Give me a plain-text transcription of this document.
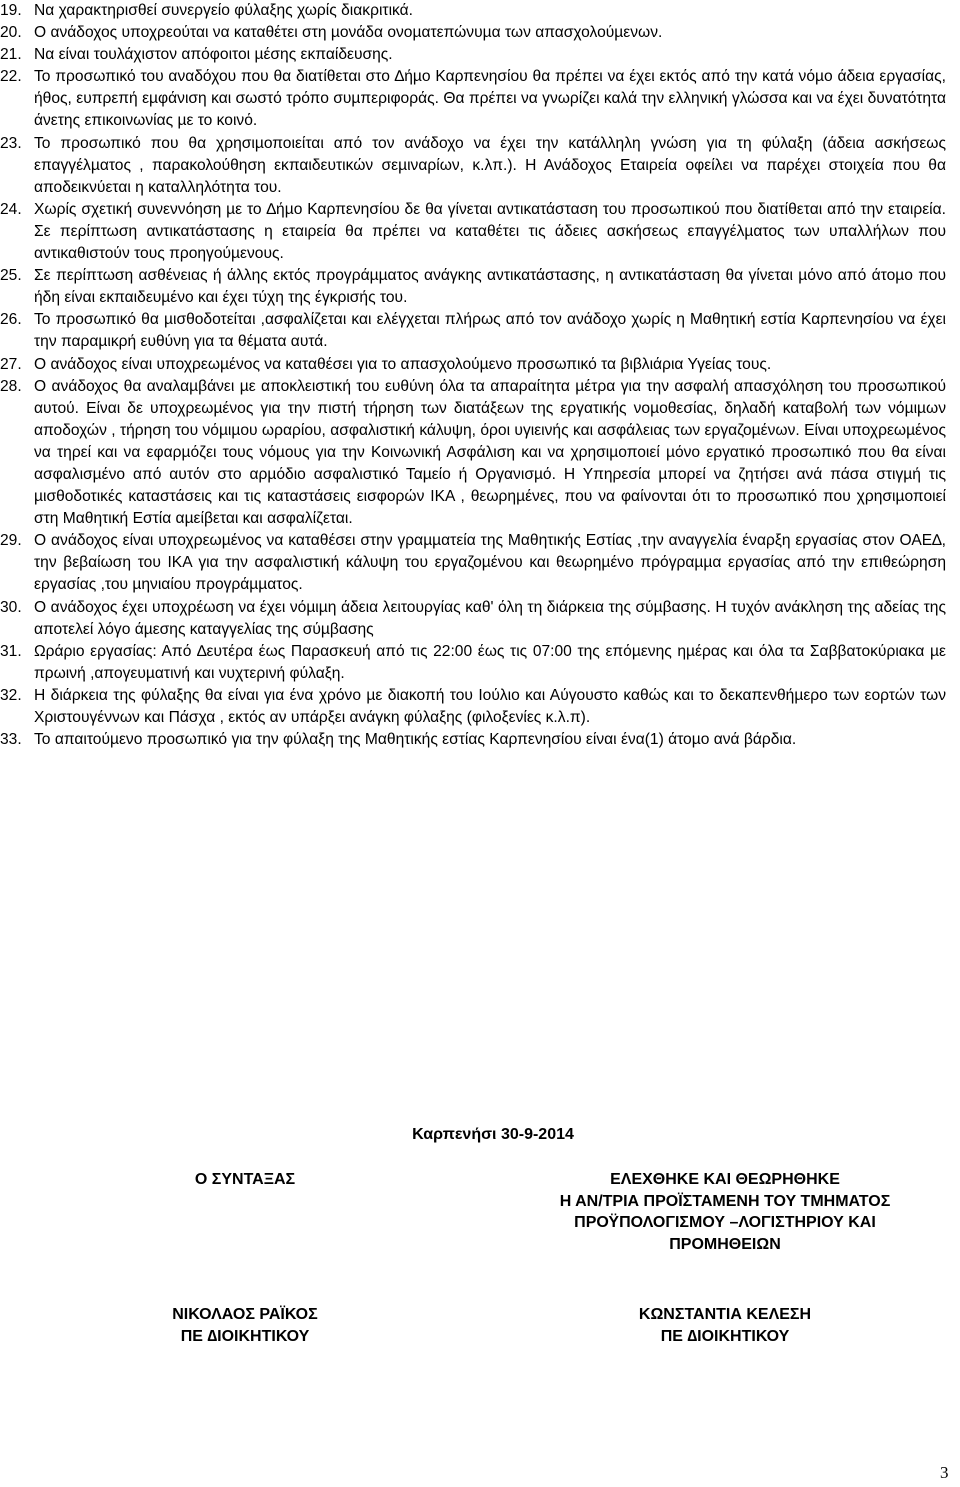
19. Να χαρακτηρισθεί συνεργείο φύλαξης χωρίς διακριτικά.
20. Ο ανάδοχος υποχρεούται να καταθέτει στη µονάδα ονοµατεπώνυµα των απασχολούµενων.
21. Να είναι τουλάχιστον απόφοιτοι µέσης εκπαίδευσης.
22. Το προσωπικό του αναδόχου που θα διατίθεται στο ∆ήµο Καρπενησίου θα πρέπει να έχει εκτός από την κατά νόµο άδεια εργασίας, ήθος, ευπρεπή εµφάνιση και σωστό τρόπο συµπεριφοράς. Θα πρέπει να γνωρίζει καλά την ελληνική γλώσσα και να έχει δυνατότητα άνετης επικοινωνίας µε το κοινό.
23. Το προσωπικό που θα χρησιµοποιείται από τον ανάδοχο να έχει την κατάλληλη γνώση για τη φύλαξη (άδεια ασκήσεως επαγγέλµατος , παρακολούθηση εκπαιδευτικών σεµιναρίων, κ.λπ.). Η Ανάδοχος Εταιρεία οφείλει να παρέχει στοιχεία που θα αποδεικνύεται η καταλληλότητα του.
24. Χωρίς σχετική συνεννόηση µε το ∆ήµο Καρπενησίου δε θα γίνεται αντικατάσταση του προσωπικού που διατίθεται από την εταιρεία. Σε περίπτωση αντικατάστασης η εταιρεία θα πρέπει να καταθέτει τις άδειες ασκήσεως επαγγέλµατος των υπαλλήλων που αντικαθιστούν τους προηγούµενους.
25. Σε περίπτωση ασθένειας ή άλλης εκτός προγράµµατος ανάγκης αντικατάστασης, η αντικατάσταση θα γίνεται µόνο από άτοµο που ήδη είναι εκπαιδευµένο και έχει τύχη της έγκρισής του.
26. Το προσωπικό θα µισθοδοτείται ,ασφαλίζεται και ελέγχεται πλήρως από τον ανάδοχο χωρίς η Μαθητική εστία Καρπενησίου να έχει την παραµικρή ευθύνη για τα θέµατα αυτά.
27. Ο ανάδοχος είναι υποχρεωµένος να καταθέσει για το απασχολούµενο προσωπικό τα βιβλιάρια Υγείας τους.
28. Ο ανάδοχος θα αναλαµβάνει µε αποκλειστική του ευθύνη όλα τα απαραίτητα µέτρα για την ασφαλή απασχόληση του προσωπικού αυτού. Είναι δε υποχρεωµένος για την πιστή τήρηση των διατάξεων της εργατικής νοµοθεσίας, δηλαδή καταβολή των νόµιµων αποδοχών , τήρηση του νόµιµου ωραρίου, ασφαλιστική κάλυψη, όροι υγιεινής και ασφάλειας των εργαζοµένων. Είναι υποχρεωµένος να τηρεί και να εφαρµόζει τους νόµους για την Κοινωνική Ασφάλιση και να χρησιµοποιεί µόνο εργατικό προσωπικό που θα είναι ασφαλισµένο από αυτόν στο αρµόδιο ασφαλιστικό Ταµείο ή Οργανισµό. Η Υπηρεσία µπορεί να ζητήσει ανά πάσα στιγµή τις µισθοδοτικές καταστάσεις και τις καταστάσεις εισφορών ΙΚΑ , θεωρηµένες, που να φαίνονται ότι το προσωπικό που χρησιµοποιεί στη Μαθητική Εστία αµείβεται και ασφαλίζεται.
29. Ο ανάδοχος είναι υποχρεωµένος να καταθέσει στην γραµµατεία της Μαθητικής Εστίας ,την αναγγελία έναρξη εργασίας στον ΟΑΕ∆, την βεβαίωση του ΙΚΑ για την ασφαλιστική κάλυψη του εργαζοµένου και θεωρηµένο πρόγραµµα εργασίας από την επιθεώρηση εργασίας ,του µηνιαίου προγράµµατος.
30. Ο ανάδοχος έχει υποχρέωση να έχει νόµιµη άδεια λειτουργίας καθ' όλη τη διάρκεια της σύµβασης. Η τυχόν ανάκληση της αδείας της αποτελεί λόγο άµεσης καταγγελίας της σύµβασης
31. Ωράριο εργασίας: Από ∆ευτέρα έως Παρασκευή από τις 22:00 έως τις 07:00 της επόµενης ηµέρας και όλα τα Σαββατοκύριακα µε πρωινή ,απογευµατινή και νυχτερινή φύλαξη.
32. Η διάρκεια της φύλαξης θα είναι για ένα χρόνο µε διακοπή του Ιούλιο και Αύγουστο καθώς και το δεκαπενθήµερο των εορτών των Χριστουγέννων και Πάσχα , εκτός αν υπάρξει ανάγκη φύλαξης (φιλοξενίες κ.λ.π).
33. Το απαιτούµενο προσωπικό για την φύλαξη της Μαθητικής εστίας Καρπενησίου είναι ένα(1) άτοµο ανά βάρδια.
Καρπενήσι 30-9-2014
Ο ΣΥΝΤΑΞΑΣ	ΕΛΕΧΘΗΚΕ ΚΑΙ ΘΕΩΡΗΘΗΚΕ
Η ΑΝ/ΤΡΙΑ ΠΡΟΪΣΤΑΜΕΝΗ ΤΟΥ ΤΜΗΜΑΤΟΣ
ΠΡΟΫΠΟΛΟΓΙΣΜΟΥ –ΛΟΓΙΣΤΗΡΙΟΥ ΚΑΙ
ΠΡΟΜΗΘΕΙΩΝ
ΝΙΚΟΛΑΟΣ ΡΑΪΚΟΣ
ΠΕ ∆ΙΟΙΚΗΤΙΚΟΥ
ΚΩΝΣΤΑΝΤΙΑ ΚΕΛΕΣΗ
ΠΕ ∆ΙΟΙΚΗΤΙΚΟΥ
3
